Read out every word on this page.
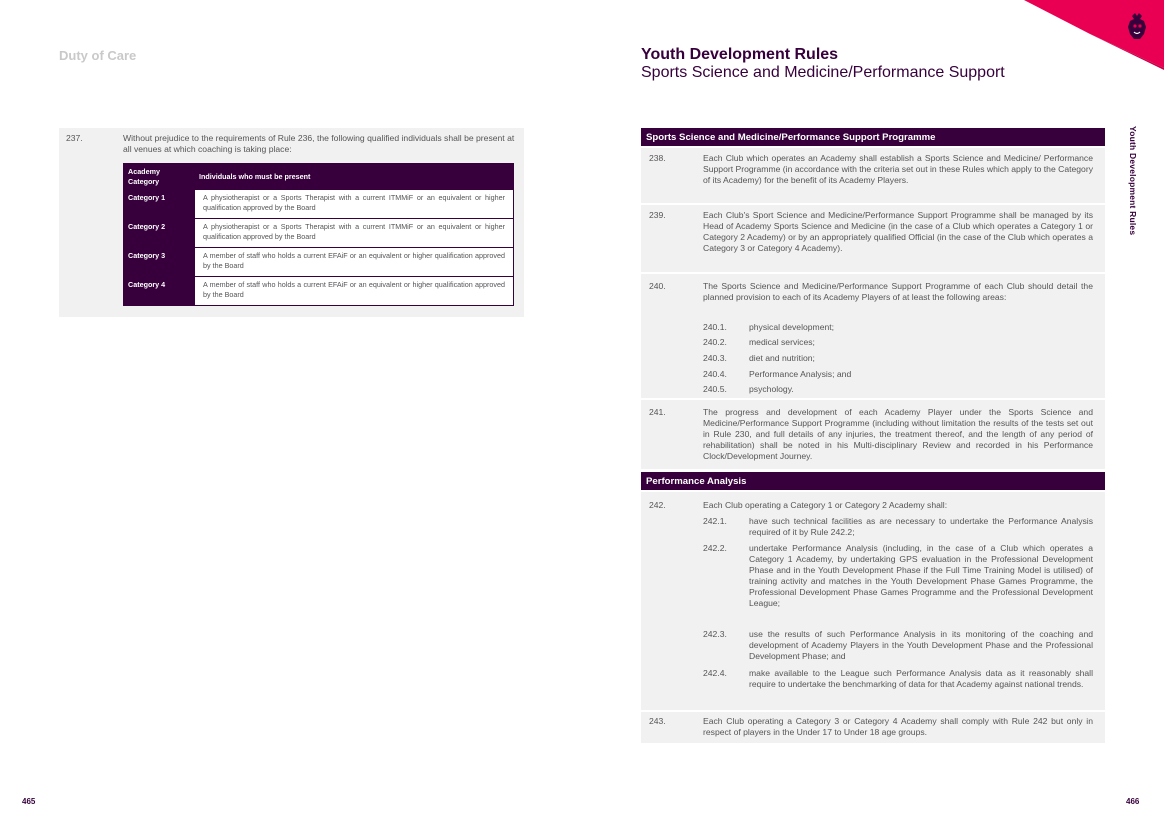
Duty of Care
237.	Without prejudice to the requirements of Rule 236, the following qualified individuals shall be present at all venues at which coaching is taking place:
Academy Category	Individuals who must be present
Category 1	A physiotherapist or a Sports Therapist with a current ITMMiF or an equivalent or higher qualification approved by the Board
Category 2	A physiotherapist or a Sports Therapist with a current ITMMiF or an equivalent or higher qualification approved by the Board
Category 3	A member of staff who holds a current EFAiF or an equivalent or higher qualification approved by the Board
Category 4	A member of staff who holds a current EFAiF or an equivalent or higher qualification approved by the Board
465
Youth Development Rules
Sports Science and Medicine/Performance Support
Youth Development Rules
Sports Science and Medicine/Performance Support Programme
238.	Each Club which operates an Academy shall establish a Sports Science and Medicine/ Performance Support Programme (in accordance with the criteria set out in these Rules which apply to the Category of its Academy) for the benefit of its Academy Players.
239.	Each Club's Sport Science and Medicine/Performance Support Programme shall be managed by its Head of Academy Sports Science and Medicine (in the case of a Club which operates a Category 1 or Category 2 Academy) or by an appropriately qualified Official (in the case of the Club which operates a Category 3 or Category 4 Academy).
240.	The Sports Science and Medicine/Performance Support Programme of each Club should detail the planned provision to each of its Academy Players of at least the following areas:
240.1.	physical development;
240.2.	medical services;
240.3.	diet and nutrition;
240.4.	Performance Analysis; and
240.5.	psychology.
241.	The progress and development of each Academy Player under the Sports Science and Medicine/Performance Support Programme (including without limitation the results of the tests set out in Rule 230, and full details of any injuries, the treatment thereof, and the length of any period of rehabilitation) shall be noted in his Multi-disciplinary Review and recorded in his Performance Clock/Development Journey.
Performance Analysis
242.	Each Club operating a Category 1 or Category 2 Academy shall:
242.1.	have such technical facilities as are necessary to undertake the Performance Analysis required of it by Rule 242.2;
242.2.	undertake Performance Analysis (including, in the case of a Club which operates a Category 1 Academy, by undertaking GPS evaluation in the Professional Development Phase and in the Youth Development Phase if the Full Time Training Model is utilised) of training activity and matches in the Youth Development Phase Games Programme, the Professional Development Phase Games Programme and the Professional Development League;
242.3.	use the results of such Performance Analysis in its monitoring of the coaching and development of Academy Players in the Youth Development Phase and the Professional Development Phase; and
242.4.	make available to the League such Performance Analysis data as it reasonably shall require to undertake the benchmarking of data for that Academy against national trends.
243.	Each Club operating a Category 3 or Category 4 Academy shall comply with Rule 242 but only in respect of players in the Under 17 to Under 18 age groups.
466
